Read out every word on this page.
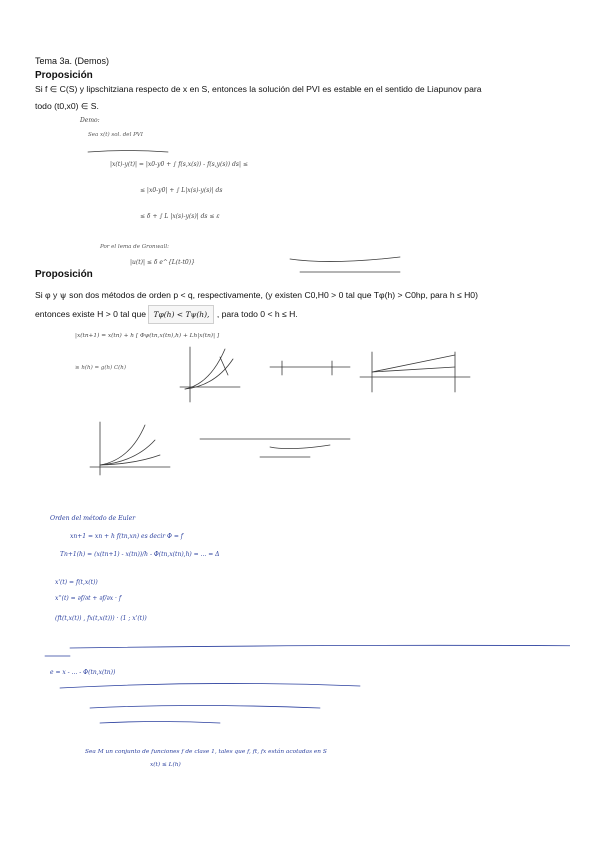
Tema 3a. (Demos)
Proposición
Si f ∈ C(S) y lipschitziana respecto de x en S, entonces la solución del PVI es estable en el sentido de Liapunov para
todo (t0,x0) ∈ S.
Demo:
Sea x(t) sol. del PVI
|x(t)-y(t)| = |x0-y0 + ∫ f(s,x(s)) - f(s,y(s)) ds| ≤
≤ |x0-y0| + ∫ L|x(s)-y(s)| ds
≤ δ + ∫ L |x(s)-y(s)| ds ≤ ε
Por el lema de Gronwall:
|u(t)| ≤ δ e^{L(t-t0)}
Proposición
Si φ y ψ son dos métodos de orden p < q, respectivamente, (y existen C0,H0 > 0 tal que Tφ(h) > C0hp, para h ≤ H0)
entonces existe H > 0 tal que Tφ(h) < Tψ(h), , para todo 0 < h ≤ H.
|x(tn+1) = x(tn) + h [ Φψ(tn,x(tn),h) + Lh|x(tn)| ]
≥ h(h) = g(h) C(h)
Orden del método de Euler
xn+1 = xn + h f(tn,xn) es decir Φ = f
Tn+1(h) = (x(tn+1) - x(tn))/h - Φ(tn,x(tn),h) = ... = Δ
x'(t) = f(t,x(t))
x''(t) = ∂f/∂t + ∂f/∂x · f
(ft(t,x(t)) , fx(t,x(t))) · (1 ; x'(t))
e = x - ... - Φ(tn,x(tn))
Sea M un conjunto de funciones f de clase 1, tales que f, ft, fx están acotadas en S
x(t) ≤ L(h)
